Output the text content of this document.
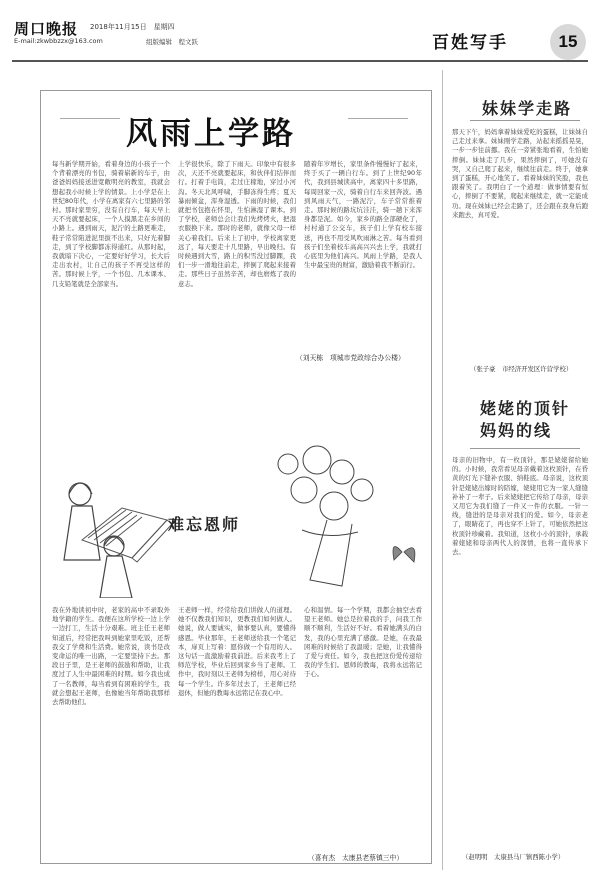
周口晚报 2018年11月15日　星期四
E-mail:zkwbbzzx@163.com	组版编辑　程文跃	百姓写手	15
风雨上学路
每当新学期开始，看着身边的小孩子一个个背着漂亮的书包，骑着崭新的车子，由爸爸妈妈接送进宽敞明亮的教室，我就会想起我小时候上学的情景。上小学是在上世纪80年代，小学在离家有六七里路的邻村。那时家里穷，没有自行车，每天早上天不亮就要起床，一个人摸黑走在乡间的小路上。遇到雨天，泥泞的土路更难走，鞋子常常陷进泥里拔不出来，只好光着脚走，到了学校脚都冻得通红。从那时起，我就暗下决心，一定要好好学习，长大后走出农村，让自己的孩子不再受这样的苦。那时候上学，一个书包、几本课本、几支铅笔就是全部家当。
上学很快乐，除了下雨天。印象中有很多次，天还不亮就要起床，和伙伴们结伴而行。打着手电筒，走过庄稼地，穿过小河沟。冬天北风呼啸，手脚冻得生疼；夏天暴雨倾盆，浑身湿透。下雨的时候，我们就把书包抱在怀里，生怕淋湿了课本。到了学校，老师总会让我们先烤烤火，把湿衣服换下来。那时的老师，就像父母一样关心着我们。后来上了初中，学校离家更远了，每天要走十几里路，早出晚归。有时候遇到大雪，路上的积雪没过脚踝，我们一步一滑地往前走，摔倒了爬起来接着走。那些日子虽然辛苦，却也磨炼了我的意志。
随着年岁增长，家里条件慢慢好了起来，终于买了一辆自行车。到了上世纪90年代，我到县城读高中，离家四十多里路，每周回家一次，骑着自行车来回奔波。遇到风雨天气，一路泥泞，车子常常推着走。那时候的路坑坑洼洼，骑一趟下来浑身都是泥。如今，家乡的路全部硬化了，村村通了公交车，孩子们上学有校车接送，再也不用受风吹雨淋之苦。每当看到孩子们坐着校车高高兴兴去上学，我就打心底里为他们高兴。风雨上学路，是我人生中最宝贵的财富，激励着我不断前行。
（刘天栋　项城市党政综合办公楼）
难忘恩师
我在外地读初中时，老家的高中不录取外地学籍的学生。我便在这所学校一边上学一边打工，生活十分艰难。班主任王老师知道后，经常把我叫到她家里吃饭，还帮我交了学费和生活费。她常说，读书是改变命运的唯一出路，一定要坚持下去。那段日子里，是王老师的鼓励和帮助，让我度过了人生中最困难的时期。如今我也成了一名教师，每当看到有困难的学生，我就会想起王老师，也像她当年帮助我那样去帮助他们。
王老师一样，经常给我们讲做人的道理。她不仅教我们知识，更教我们如何做人。她说，做人要诚实，做事要认真，要懂得感恩。毕业那年，王老师送给我一个笔记本，扉页上写着：愿你做一个有用的人。这句话一直激励着我前进。后来我考上了师范学校，毕业后回到家乡当了老师。工作中，我时刻以王老师为榜样，用心对待每一个学生。许多年过去了，王老师已经退休，但她的教诲永远铭记在我心中。
心和温情。每一个学期，我都会抽空去看望王老师。她总是拉着我的手，问我工作顺不顺利，生活好不好。看着她满头的白发，我的心里充满了感激。是她，在我最困难的时候给了我温暖；是她，让我懂得了爱与责任。如今，我也把这份爱传递给我的学生们。恩师的教诲，我将永远铭记于心。
（喜有杰　太康县老蔡镇三中）
妹妹学走路
那天下午，妈妈拿着妹妹爱吃的蛋糕，让妹妹自己走过来拿。妹妹刚学走路，站起来摇摇晃晃，一步一步往前挪。我在一旁紧张地看着，生怕她摔倒。妹妹走了几步，果然摔倒了，可她没有哭，又自己爬了起来，继续往前走。终于，她拿到了蛋糕，开心地笑了。看着妹妹的笑脸，我也跟着笑了。我明白了一个道理：做事情要有恒心，摔倒了不要紧，爬起来继续走，就一定能成功。现在妹妹已经会走路了，还会跟在我身后跑来跑去，真可爱。
（张子豪　市经济开发区许营学校）
姥姥的顶针妈妈的线
母亲的旧物中，有一枚顶针，那是姥姥留给她的。小时候，我常看见母亲戴着这枚顶针，在昏黄的灯光下缝补衣服、纳鞋底。母亲说，这枚顶针是姥姥出嫁时的陪嫁，姥姥用它为一家人缝缝补补了一辈子。后来姥姥把它传给了母亲，母亲又用它为我们缝了一件又一件的衣服。一针一线，缝进的是母亲对我们的爱。如今，母亲老了，眼睛花了，再也穿不上针了，可她依然把这枚顶针珍藏着。我知道，这枚小小的顶针，承载着姥姥和母亲两代人的深情，也将一直传承下去。
（赵明明　太康县马厂镇西陈小学）
